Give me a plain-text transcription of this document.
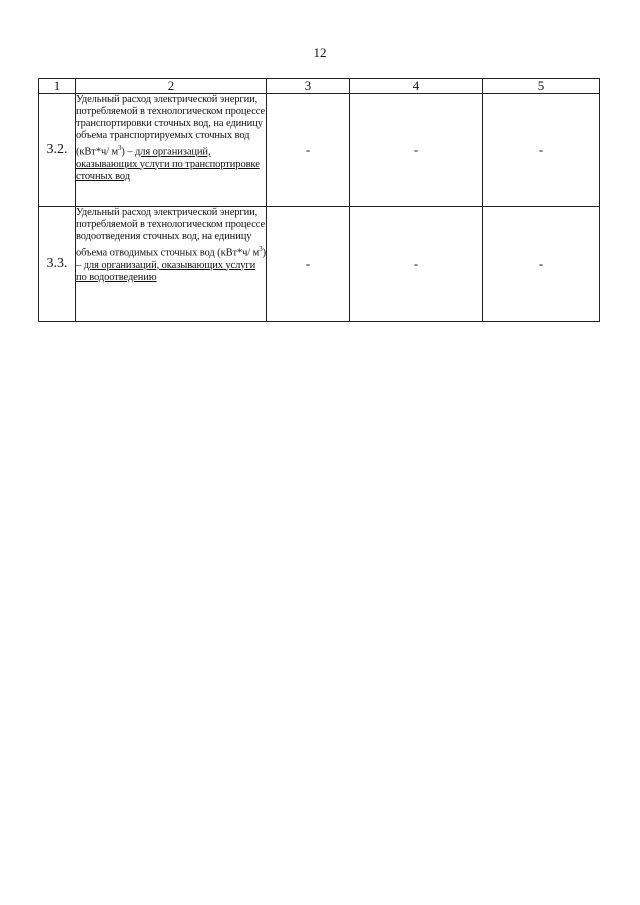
12
1	2	3	4	5
3.2.	Удельный расход электрической энергии, потребляемой в технологическом процессе транспортировки сточных вод, на единицу объема транспортируемых сточных вод (кВт*ч/ $м^3$) – для организаций, оказывающих услуги по транспортировке сточных вод	-	-	-
3.3.	Удельный расход электрической энергии, потребляемой в технологическом процессе водоотведения сточных вод, на единицу объема отводимых сточных вод (кВт*ч/ $м^3$) – для организаций, оказывающих услуги по водоотведению	-	-	-
